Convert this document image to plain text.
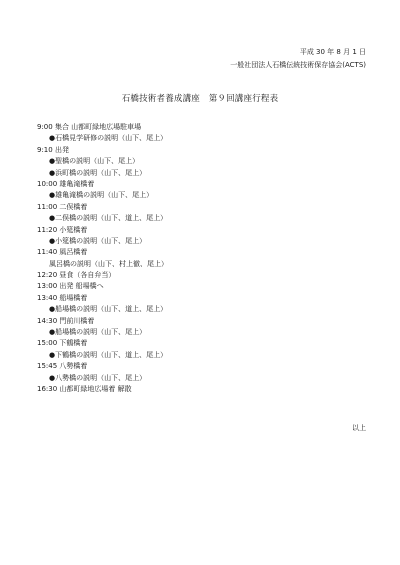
平成 30 年 8 月 1 日
一般社団法人石橋伝統技術保存協会(ACTS)
石橋技術者養成講座　第９回講座行程表
9:00 集合 山都町緑地広場駐車場
●石橋見学研修の説明（山下、尾上）
9:10 出発
●聖橋の説明（山下、尾上）
●浜町橋の説明（山下、尾上）
10:00 雄亀滝橋着
●雄亀滝橋の説明（山下、尾上）
11:00 二俣橋着
●二俣橋の説明（山下、道上、尾上）
11:20 小筵橋着
●小筵橋の説明（山下、尾上）
11:40 風呂橋着
風呂橋の説明（山下、村上徹、尾上）
12:20 昼食（各自弁当）
13:00 出発 船場橋へ
13:40 船場橋着
●船場橋の説明（山下、道上、尾上）
14:30 門前川橋着
●船場橋の説明（山下、尾上）
15:00 下鶴橋着
●下鶴橋の説明（山下、道上、尾上）
15:45 八勢橋着
●八勢橋の説明（山下、尾上）
16:30 山都町緑地広場着 解散
以上
